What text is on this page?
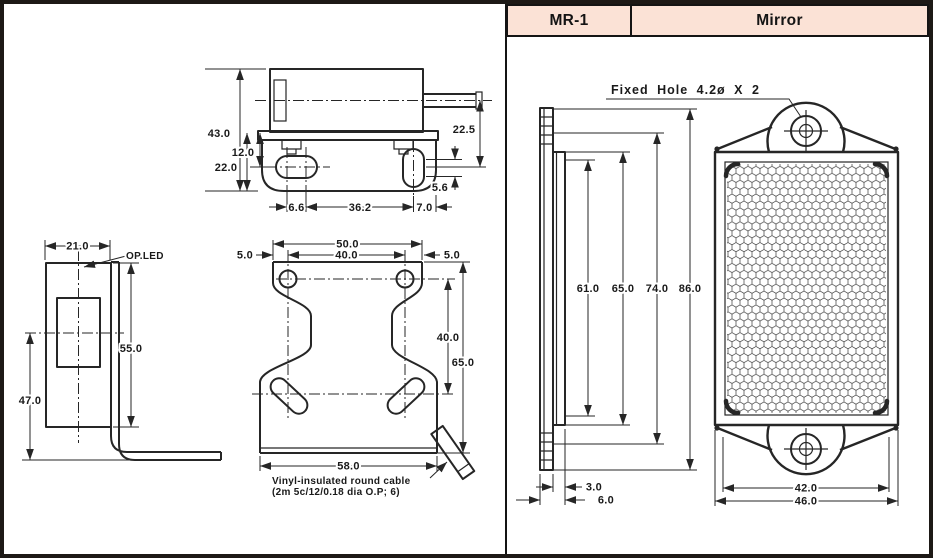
43.0
12.0
22.0
22.5
5.6
6.6	36.2	7.0
OP.LED
21.0
55.0
47.0
50.0
40.0
5.0	5.0
40.0
65.0
58.0
Vinyl-insulated round cable
(2m 5c/12/0.18 dia O.P; 6)
61.0 65.0 74.0 86.0
3.0
6.0
Fixed Hole 4.2ø X 2
42.0
46.0
MR-1	Mirror
